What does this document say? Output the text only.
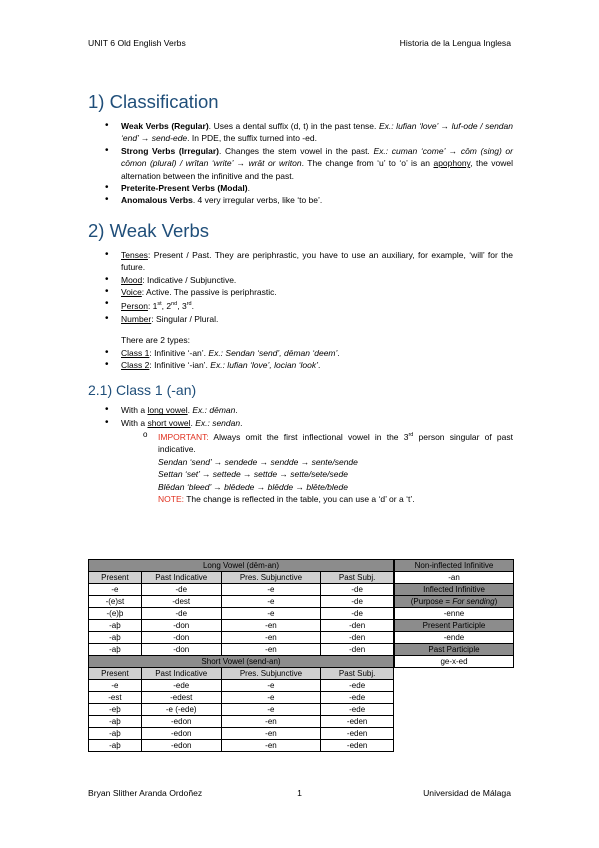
UNIT 6 Old English Verbs	Historia de la Lengua Inglesa
1) Classification
• Weak Verbs (Regular). Uses a dental suffix (d, t) in the past tense. Ex.: lufian ‘love’ → luf-ode / sendan ‘end’ → send-ede. In PDE, the suffix turned into -ed.
• Strong Verbs (Irregular). Changes the stem vowel in the past. Ex.: cuman ‘come’ → cōm (sing) or cōmon (plural) / wrītan ‘write’ → wrāt or writon. The change from ‘u’ to ‘o’ is an apophony, the vowel alternation between the infinitive and the past.
• Preterite-Present Verbs (Modal).
• Anomalous Verbs. 4 very irregular verbs, like ‘to be’.
2) Weak Verbs
• Tenses: Present / Past. They are periphrastic, you have to use an auxiliary, for example, ‘will’ for the future.
• Mood: Indicative / Subjunctive.
• Voice: Active. The passive is periphrastic.
• Person: 1st, 2nd, 3rd.
• Number: Singular / Plural.
There are 2 types:
• Class 1: Infinitive ‘-an’. Ex.: Sendan ‘send’, dēman ‘deem’.
• Class 2: Infinitive ‘-ian’. Ex.: lufian ‘love’, locian ‘look’.
2.1) Class 1 (-an)
• With a long vowel. Ex.: dēman.
• With a short vowel. Ex.: sendan.
o IMPORTANT: Always omit the first inflectional vowel in the 3rd person singular of past indicative.
Sendan ‘send’ → sendede → sendde → sente/sende
Settan ‘set’ → settede → settde → sette/sete/sede
Blēdan ‘bleed’ → blēdede → blēdde → blēte/blede
NOTE: The change is reflected in the table, you can use a ‘d’ or a ‘t’.
Long Vowel (dēm-an)			
Present	Past Indicative	Pres. Subjunctive	Past Subj.
-e	-de	-e	-de
-(e)st	-dest	-e	-de
-(e)þ	-de	-e	-de
-aþ	-don	-en	-den
-aþ	-don	-en	-den
-aþ	-don	-en	-den
Short Vowel (send-an)			
Present	Past Indicative	Pres. Subjunctive	Past Subj.
-e	-ede	-e	-ede
-est	-edest	-e	-ede
-eþ	-e (-ede)	-e	-ede
-aþ	-edon	-en	-eden
-aþ	-edon	-en	-eden
-aþ	-edon	-en	-eden
Non-inflected Infinitive
-an
Inflected Infinitive
(Purpose = For sending)
-enne
Present Participle
-ende
Past Participle
ge-x-ed
Bryan Slither Aranda Ordoñez	1	Universidad de Málaga
